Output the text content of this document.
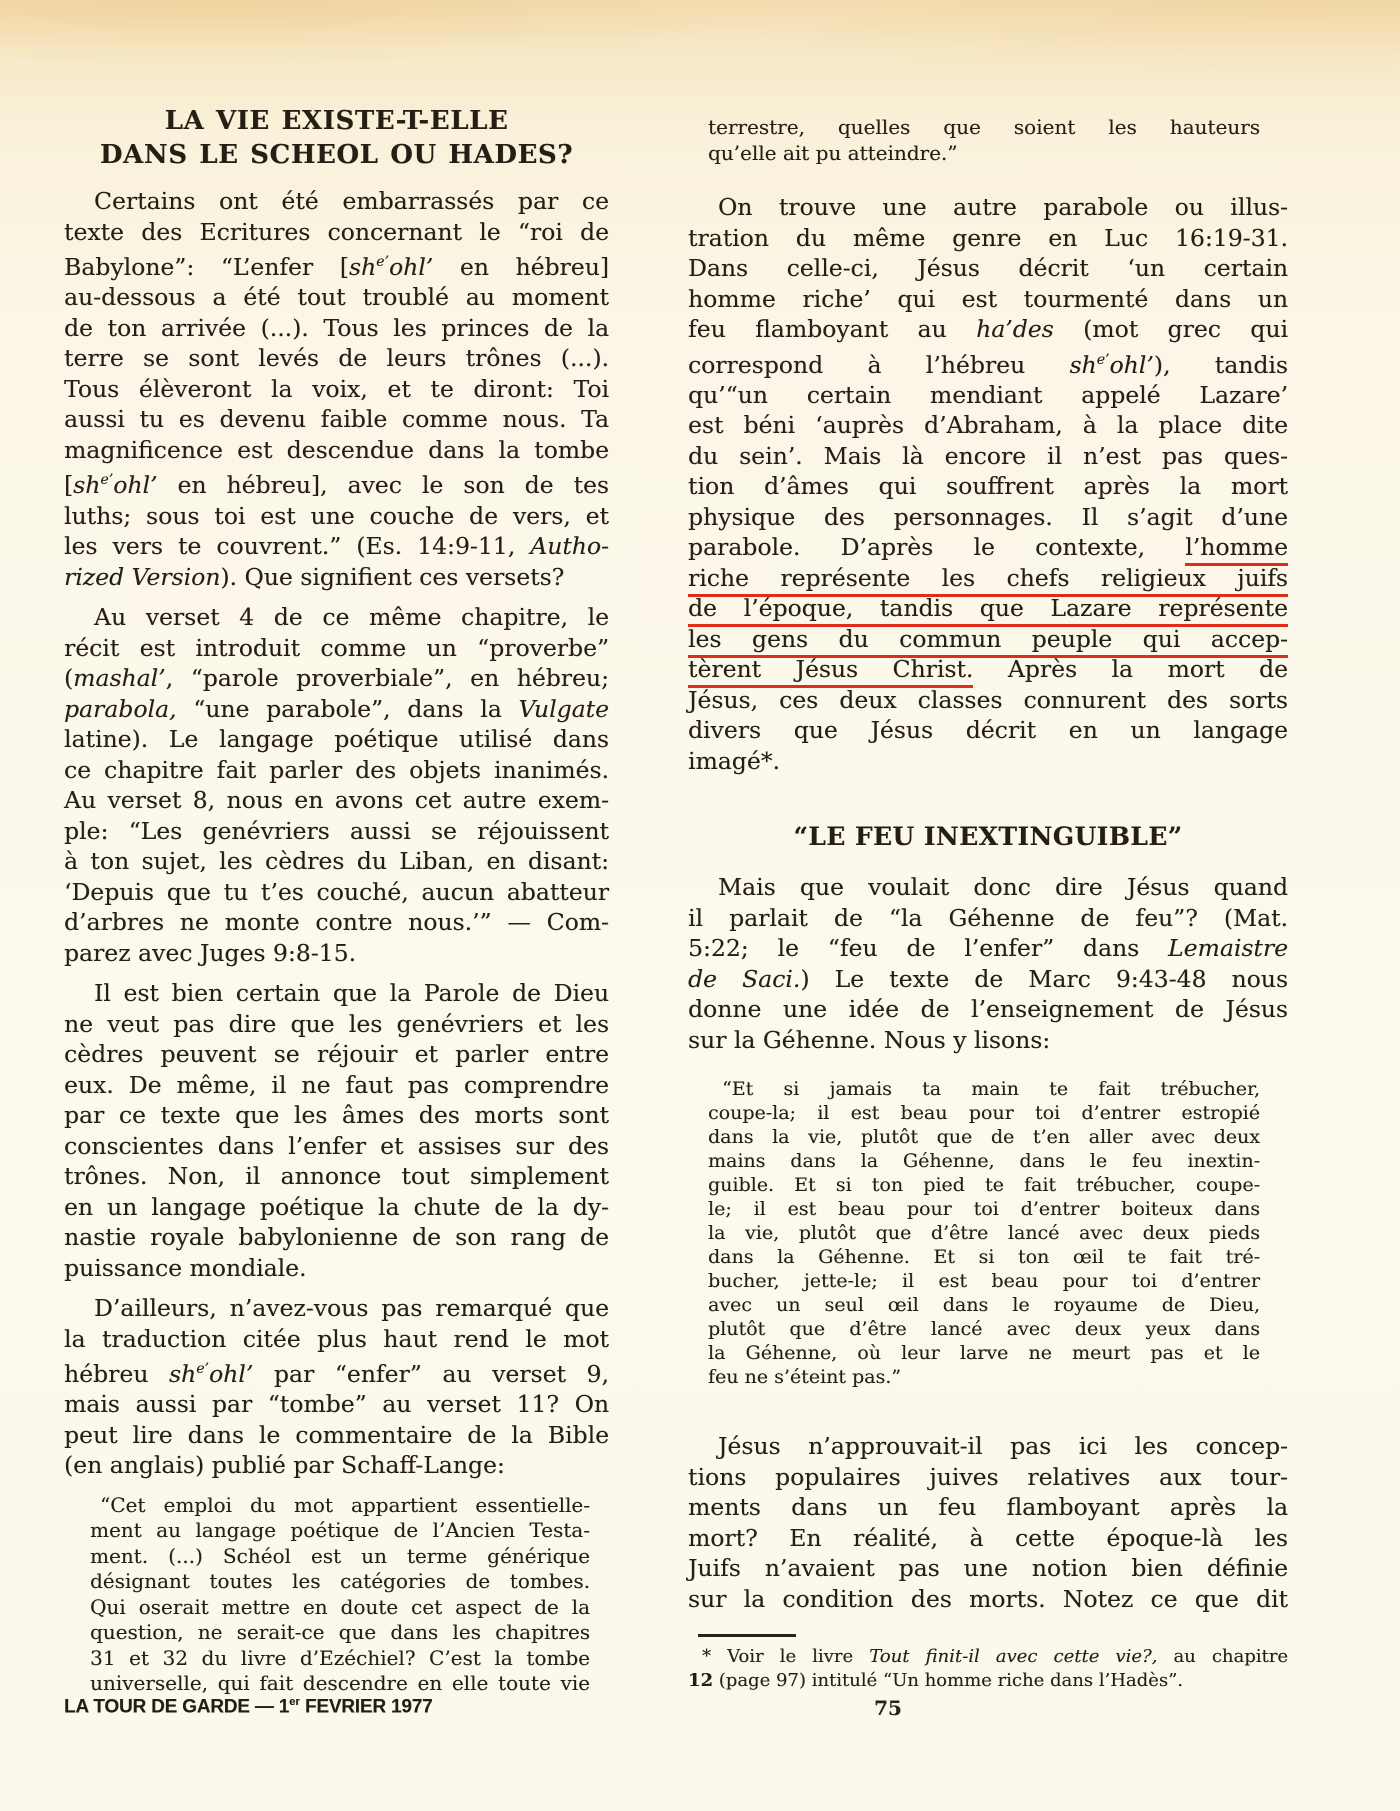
LA VIE EXISTE-T-ELLE
DANS LE SCHEOL OU HADES?
Certains ont été embarrassés par ce
texte des Ecritures concernant le “roi de
Babylone”: “L’enfer [$sh^{e’}ohl$’ en hébreu]
au-dessous a été tout troublé au moment
de ton arrivée (...). Tous les princes de la
terre se sont levés de leurs trônes (...).
Tous élèveront la voix, et te diront: Toi
aussi tu es devenu faible comme nous. Ta
magnificence est descendue dans la tombe
[$sh^{e’}ohl$’ en hébreu], avec le son de tes
luths; sous toi est une couche de vers, et
les vers te couvrent.” (Es. 14:9-11, Autho-
rized Version). Que signifient ces versets?
Au verset 4 de ce même chapitre, le
récit est introduit comme un “proverbe”
(mashal’, “parole proverbiale”, en hébreu;
parabola, “une parabole”, dans la Vulgate
latine). Le langage poétique utilisé dans
ce chapitre fait parler des objets inanimés.
Au verset 8, nous en avons cet autre exem-
ple: “Les genévriers aussi se réjouissent
à ton sujet, les cèdres du Liban, en disant:
‘Depuis que tu t’es couché, aucun abatteur
d’arbres ne monte contre nous.’” — Com-
parez avec Juges 9:8-15.
Il est bien certain que la Parole de Dieu
ne veut pas dire que les genévriers et les
cèdres peuvent se réjouir et parler entre
eux. De même, il ne faut pas comprendre
par ce texte que les âmes des morts sont
conscientes dans l’enfer et assises sur des
trônes. Non, il annonce tout simplement
en un langage poétique la chute de la dy-
nastie royale babylonienne de son rang de
puissance mondiale.
D’ailleurs, n’avez-vous pas remarqué que
la traduction citée plus haut rend le mot
hébreu $sh^{e’}ohl$’ par “enfer” au verset 9,
mais aussi par “tombe” au verset 11? On
peut lire dans le commentaire de la Bible
(en anglais) publié par Schaff-Lange:
“Cet emploi du mot appartient essentielle-
ment au langage poétique de l’Ancien Testa-
ment. (...) Schéol est un terme générique
désignant toutes les catégories de tombes.
Qui oserait mettre en doute cet aspect de la
question, ne serait-ce que dans les chapitres
31 et 32 du livre d’Ezéchiel? C’est la tombe
universelle, qui fait descendre en elle toute vie
terrestre, quelles que soient les hauteurs
qu’elle ait pu atteindre.”
On trouve une autre parabole ou illus-
tration du même genre en Luc 16:19-31.
Dans celle-ci, Jésus décrit ‘un certain
homme riche’ qui est tourmenté dans un
feu flamboyant au ha’des (mot grec qui
correspond à l’hébreu $sh^{e’}ohl$’), tandis
qu’“un certain mendiant appelé Lazare’
est béni ‘auprès d’Abraham, à la place dite
du sein’. Mais là encore il n’est pas ques-
tion d’âmes qui souffrent après la mort
physique des personnages. Il s’agit d’une
parabole. D’après le contexte, l’homme
riche représente les chefs religieux juifs
de l’époque, tandis que Lazare représente
les gens du commun peuple qui accep-
tèrent Jésus Christ. Après la mort de
Jésus, ces deux classes connurent des sorts
divers que Jésus décrit en un langage
imagé*.
“LE FEU INEXTINGUIBLE”
Mais que voulait donc dire Jésus quand
il parlait de “la Géhenne de feu”? (Mat.
5:22; le “feu de l’enfer” dans Lemaistre
de Saci.) Le texte de Marc 9:43-48 nous
donne une idée de l’enseignement de Jésus
sur la Géhenne. Nous y lisons:
“Et si jamais ta main te fait trébucher,
coupe-la; il est beau pour toi d’entrer estropié
dans la vie, plutôt que de t’en aller avec deux
mains dans la Géhenne, dans le feu inextin-
guible. Et si ton pied te fait trébucher, coupe-
le; il est beau pour toi d’entrer boiteux dans
la vie, plutôt que d’être lancé avec deux pieds
dans la Géhenne. Et si ton œil te fait tré-
bucher, jette-le; il est beau pour toi d’entrer
avec un seul œil dans le royaume de Dieu,
plutôt que d’être lancé avec deux yeux dans
la Géhenne, où leur larve ne meurt pas et le
feu ne s’éteint pas.”
Jésus n’approuvait-il pas ici les concep-
tions populaires juives relatives aux tour-
ments dans un feu flamboyant après la
mort? En réalité, à cette époque-là les
Juifs n’avaient pas une notion bien définie
sur la condition des morts. Notez ce que dit
* Voir le livre Tout finit-il avec cette vie?, au chapitre
12 (page 97) intitulé “Un homme riche dans l’Hadès”.
LA TOUR DE GARDE — 1er FEVRIER 1977	75
